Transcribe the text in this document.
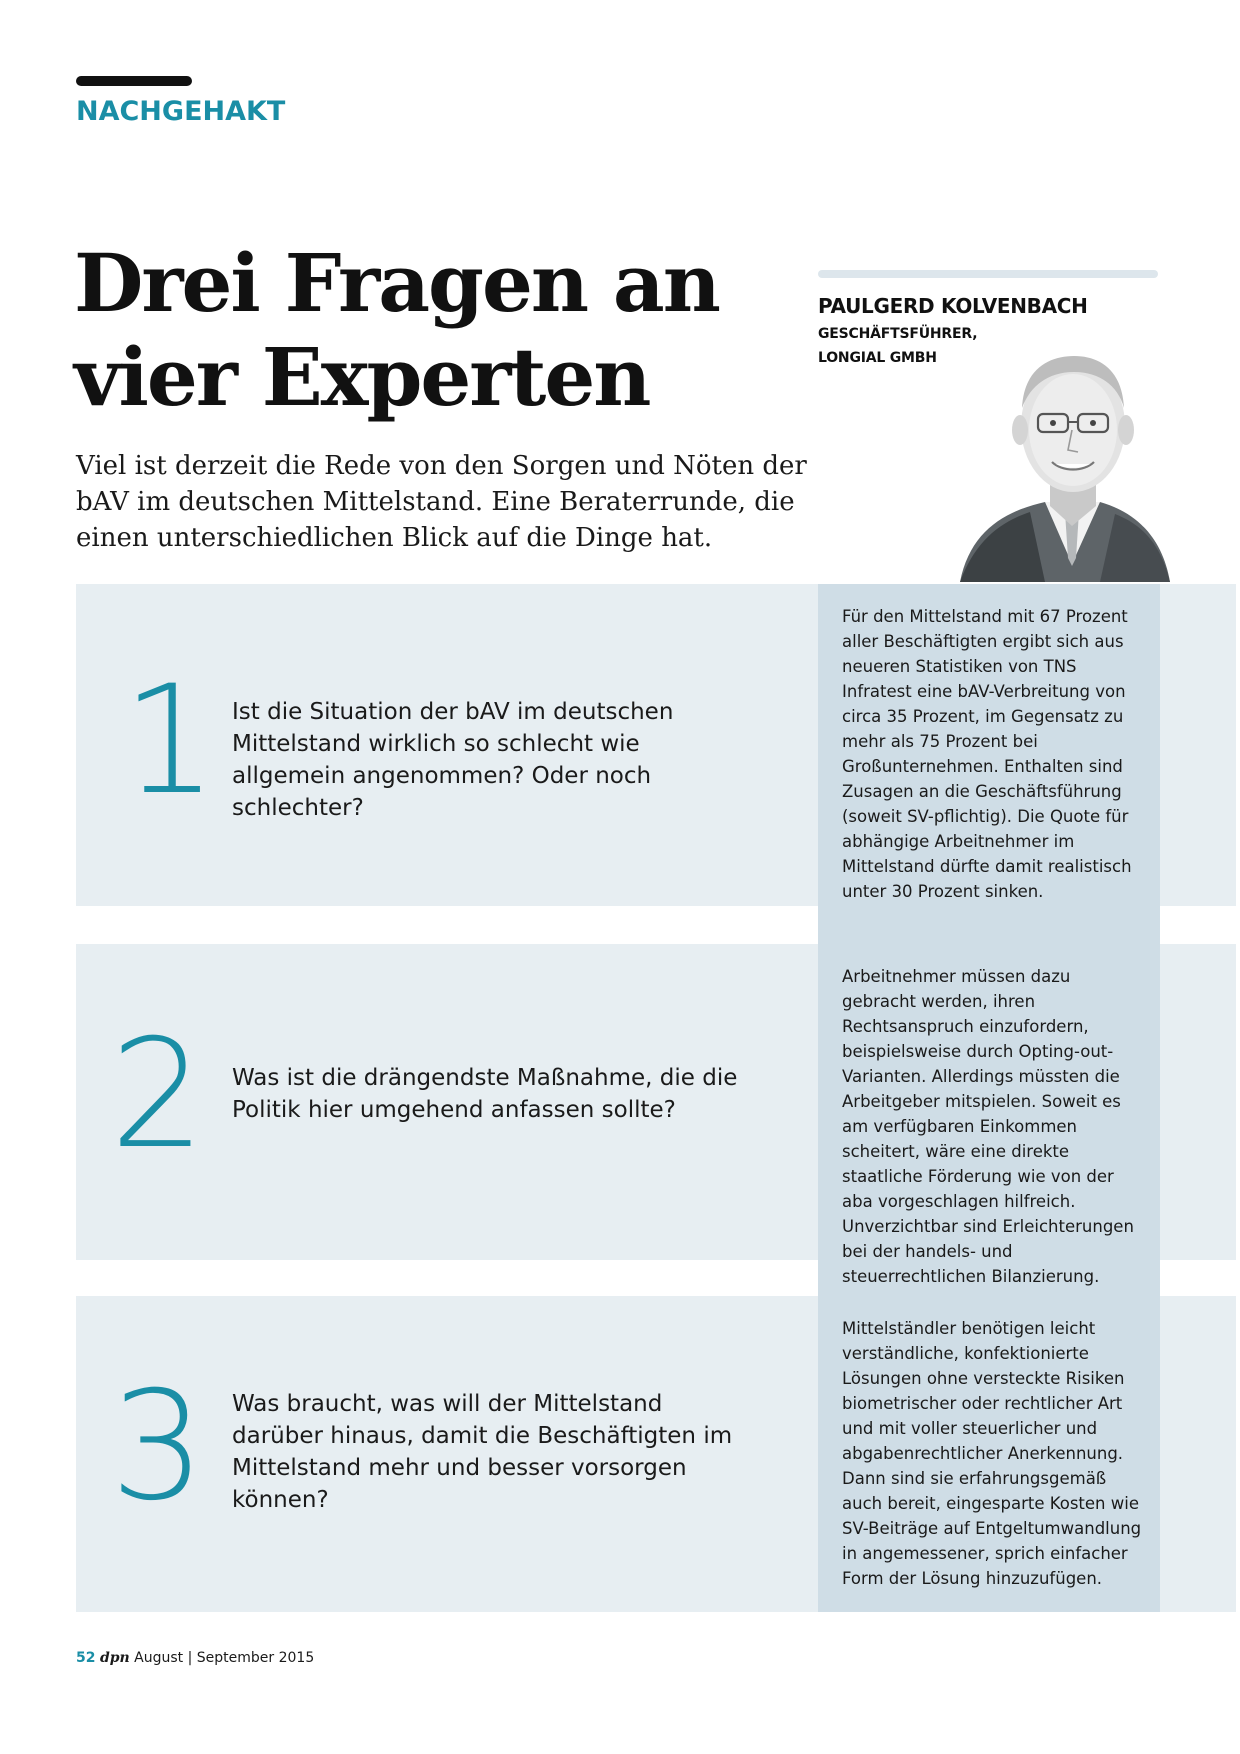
NACHGEHAKT
Drei Fragen an
vier Experten

Viel ist derzeit die Rede von den Sorgen und Nöten der bAV im deutschen Mittelstand. Eine Beraterrunde, die einen unterschiedlichen Blick auf die Dinge hat.

PAULGERD KOLVENBACH
GESCHÄFTSFÜHRER,
LONGIAL GMBH
1 Ist die Situation der bAV im deutschen Mittelstand wirklich so schlecht wie allgemein angenommen? Oder noch schlechter?
Für den Mittelstand mit 67 Prozent aller Beschäftigten ergibt sich aus neueren Statistiken von TNS Infratest eine bAV-Verbreitung von circa 35 Prozent, im Gegensatz zu mehr als 75 Prozent bei Großunternehmen. Enthalten sind Zusagen an die Geschäftsführung (soweit SV-pflichtig). Die Quote für abhängige Arbeitnehmer im Mittelstand dürfte damit realistisch unter 30 Prozent sinken.
2 Was ist die drängendste Maßnahme, die die Politik hier umgehend anfassen sollte?
Arbeitnehmer müssen dazu gebracht werden, ihren Rechtsanspruch einzufordern, beispielsweise durch Opting-out-Varianten. Allerdings müssten die Arbeitgeber mitspielen. Soweit es am verfügbaren Einkommen scheitert, wäre eine direkte staatliche Förderung wie von der aba vorgeschlagen hilfreich. Unverzichtbar sind Erleichterungen bei der handels- und steuerrechtlichen Bilanzierung.
3 Was braucht, was will der Mittelstand darüber hinaus, damit die Beschäftigten im Mittelstand mehr und besser vorsorgen können?
Mittelständler benötigen leicht verständliche, konfektionierte Lösungen ohne versteckte Risiken biometrischer oder rechtlicher Art und mit voller steuerlicher und abgabenrechtlicher Anerkennung. Dann sind sie erfahrungsgemäß auch bereit, eingesparte Kosten wie SV-Beiträge auf Entgeltumwandlung in angemessener, sprich einfacher Form der Lösung hinzuzufügen.
52 dpn August | September 2015
